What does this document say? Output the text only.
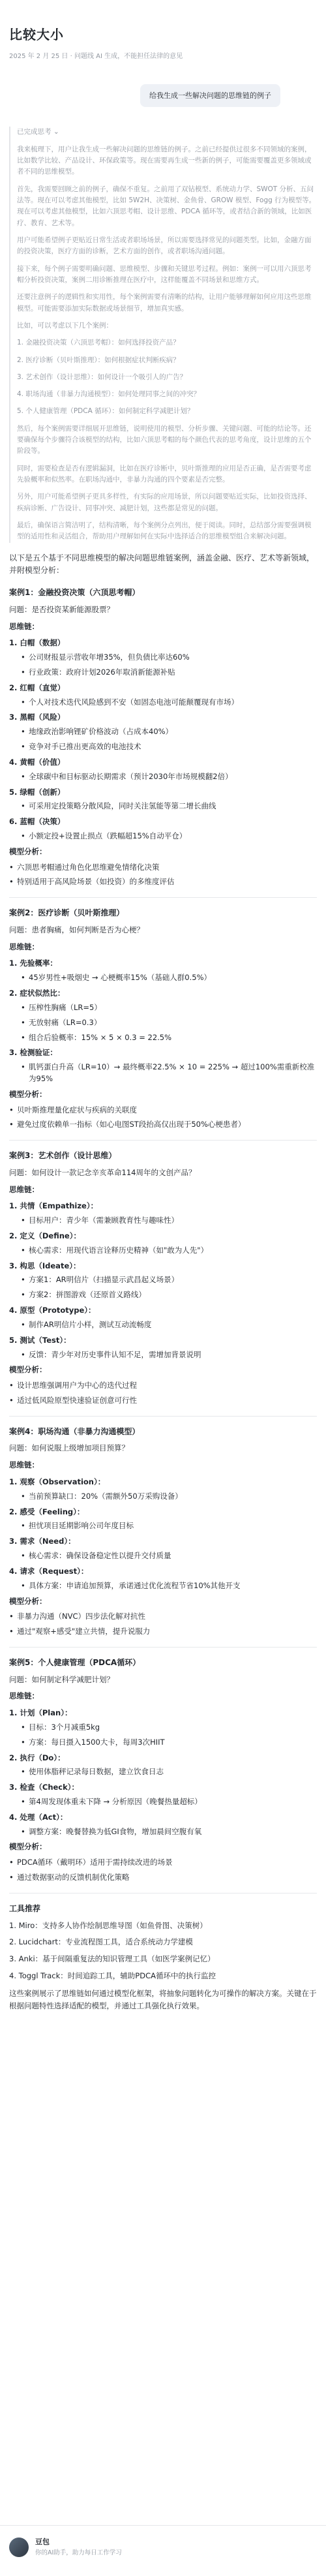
比较大小
2025 年 2 月 25 日 · 问题线 AI 生成，不能担任法律的意见
给我生成一些解决问题的思维链的例子
已完成思考 ⌄

我来梳理下，用户让我生成一些解决问题的思维链的例子。之前已经提供过很多不同领域的案例，比如数学比较、产品设计、环保政策等。现在需要再生成一些新的例子，可能需要覆盖更多领域或者不同的思维模型。

首先，我需要回顾之前的例子，确保不重复。之前用了双钻模型、系统动力学、SWOT 分析、五问法等。现在可以考虑其他模型，比如 5W2H、决策树、金鱼骨、GROW 模型、Fogg 行为模型等。现在可以考虑其他模型，比如六顶思考帽、设计思维、PDCA 循环等，或者结合新的领域，比如医疗、教育、艺术等。

用户可能希望例子更贴近日常生活或者职场场景，所以需要选择常见的问题类型。比如，金融方面的投资决策，医疗方面的诊断，艺术方面的创作，或者职场沟通问题。

接下来，每个例子需要明确问题、思维模型、步骤和关键思考过程。例如：案例一可以用六顶思考帽分析投资决策，案例二用诊断推理在医疗中，这样能覆盖不同场景和思维方式。

还要注意例子的逻辑性和实用性，每个案例需要有清晰的结构，让用户能够理解如何应用这些思维模型。可能需要添加实际数据或场景细节，增加真实感。

比如，可以考虑以下几个案例：

1. 金融投资决策（六顶思考帽）：如何选择投资产品？

2. 医疗诊断（贝叶斯推理）：如何根据症状判断疾病？

3. 艺术创作（设计思维）：如何设计一个吸引人的广告？

4. 职场沟通（非暴力沟通模型）：如何处理同事之间的冲突？

5. 个人健康管理（PDCA 循环）：如何制定科学减肥计划？

然后，每个案例需要详细展开思维链，说明使用的模型、分析步骤、关键问题、可能的结论等。还要确保每个步骤符合该模型的结构，比如六顶思考帽的每个颜色代表的思考角度，设计思维的五个阶段等。

同时，需要检查是否有逻辑漏洞，比如在医疗诊断中，贝叶斯推理的应用是否正确，是否需要考虑先验概率和似然率。在职场沟通中，非暴力沟通的四个要素是否完整。

另外，用户可能希望例子更具多样性，有实际的应用场景，所以问题要贴近实际，比如投资选择、疾病诊断、广告设计、同事冲突、减肥计划，这些都是常见的问题。

最后，确保语言简洁明了，结构清晰，每个案例分点列出，便于阅读。同时，总结部分需要强调模型的适用性和灵活组合，帮助用户理解如何在实际中选择适合的思维模型组合来解决问题。

以下是五个基于不同思维模型的解决问题思维链案例，涵盖金融、医疗、艺术等新领域，并附模型分析：
案例1：金融投资决策（六顶思考帽）

问题：是否投资某新能源股票？

思维链：

1. 白帽（数据）
• 公司财报显示营收年增35%，但负债比率达60%
• 行业政策：政府计划2026年取消新能源补贴
2. 红帽（直觉）
• 个人对技术迭代风险感到不安（如固态电池可能颠覆现有市场）
3. 黑帽（风险）
• 地缘政治影响锂矿价格波动（占成本40%）
• 竞争对手已推出更高效的电池技术
4. 黄帽（价值）
• 全球碳中和目标驱动长期需求（预计2030年市场规模翻2倍）
5. 绿帽（创新）
• 可采用定投策略分散风险，同时关注氢能等第二增长曲线
6. 蓝帽（决策）
• 小额定投+设置止损点（跌幅超15%自动平仓）
模型分析：
• 六顶思考帽通过角色化思维避免情绪化决策
• 特别适用于高风险场景（如投资）的多维度评估
案例2：医疗诊断（贝叶斯推理）

问题：患者胸痛，如何判断是否为心梗？

思维链：

1. 先验概率：
• 45岁男性+吸烟史 → 心梗概率15%（基础人群0.5%）
2. 症状似然比：
• 压榨性胸痛（LR=5）
• 无放射痛（LR=0.3）
• 组合后验概率：15% × 5 × 0.3 = 22.5%
3. 检测验证：
• 肌钙蛋白升高（LR=10）→ 最终概率22.5% × 10 = 225% → 超过100%需重新校准为95%
模型分析：
• 贝叶斯推理量化症状与疾病的关联度
• 避免过度依赖单一指标（如心电图ST段抬高仅出现于50%心梗患者）
案例3：艺术创作（设计思维）

问题：如何设计一款记念辛亥革命114周年的文创产品？

思维链：

1. 共情（Empathize）：
• 目标用户：青少年（需兼顾教育性与趣味性）
2. 定义（Define）：
• 核心需求：用现代语言诠释历史精神（如"敢为人先"）
3. 构思（Ideate）：
• 方案1：AR明信片（扫描显示武昌起义场景）
• 方案2：拼图游戏（还原首义路线）
4. 原型（Prototype）：
• 制作AR明信片小样，测试互动流畅度
5. 测试（Test）：
• 反馈：青少年对历史事件认知不足，需增加背景说明
模型分析：
• 设计思维强调用户为中心的迭代过程
• 适过低风险原型快速验证创意可行性
案例4：职场沟通（非暴力沟通模型）

问题：如何说服上级增加项目预算？

思维链：

1. 观察（Observation）：
• 当前预算缺口：20%（需额外50万采购设备）
2. 感受（Feeling）：
• 担忧项目延期影响公司年度目标
3. 需求（Need）：
• 核心需求：确保设备稳定性以提升交付质量
4. 请求（Request）：
• 具体方案：申请追加预算，承诺通过优化流程节省10%其他开支
模型分析：
• 非暴力沟通（NVC）四步法化解对抗性
• 通过"观察+感受"建立共情，提升说服力
案例5：个人健康管理（PDCA循环）

问题：如何制定科学减肥计划？

思维链：

1. 计划（Plan）：
• 目标：3个月减重5kg
• 方案：每日摄入1500大卡，每周3次HIIT
2. 执行（Do）：
• 使用体脂秤记录每日数据，建立饮食日志
3. 检查（Check）：
• 第4周发现体重未下降 → 分析原因（晚餐热量超标）
4. 处理（Act）：
• 调整方案：晚餐替换为低GI食物，增加晨间空腹有氧
模型分析：
• PDCA循环（戴明环）适用于需持续改进的场景
• 通过数据驱动的反馈机制优化策略
工具推荐

1. Miro：支持多人协作绘制思维导图（如鱼骨图、决策树）

2. Lucidchart：专业流程图工具，适合系统动力学建模

3. Anki：基于间隔重复法的知识管理工具（如医学案例记忆）

4. Toggl Track：时间追踪工具，辅助PDCA循环中的执行监控

这些案例展示了思维链如何通过模型化框架，将抽象问题转化为可操作的解决方案。关键在于根据问题特性选择适配的模型，并通过工具强化执行效果。

豆包
你的AI助手，助力每日工作学习
